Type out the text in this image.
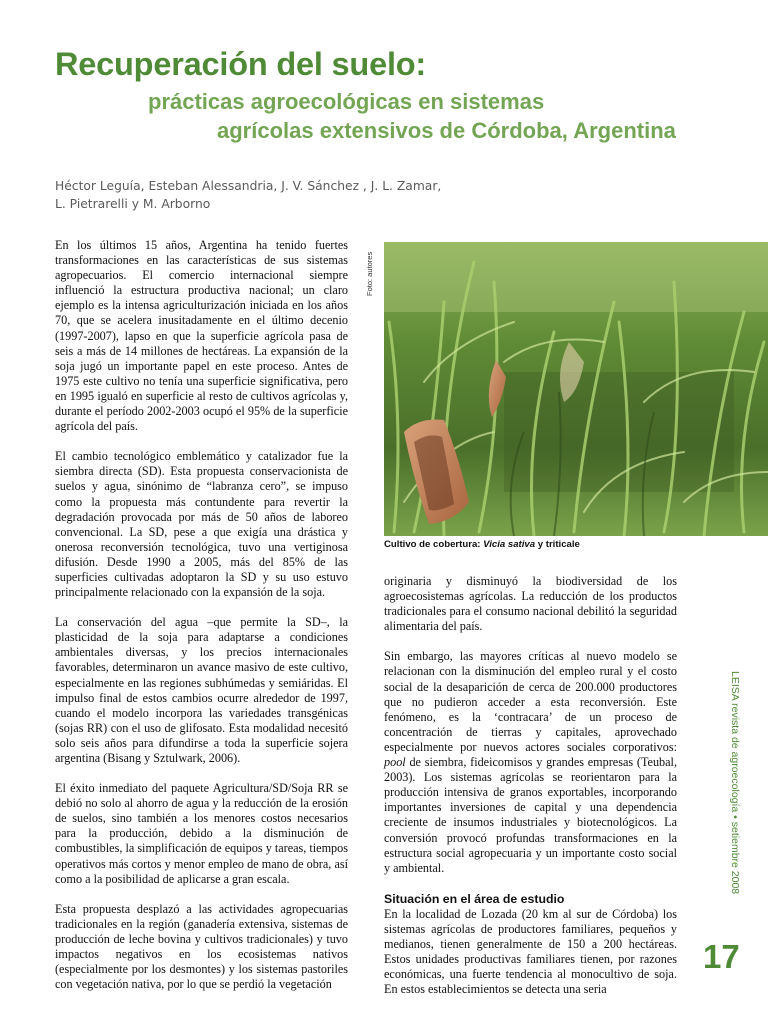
Recuperación del suelo:
prácticas agroecológicas en sistemas
agrícolas extensivos de Córdoba, Argentina
Héctor Leguía, Esteban Alessandria, J. V. Sánchez , J. L. Zamar,
L. Pietrarelli y M. Arborno

En los últimos 15 años, Argentina ha tenido fuertes transformaciones en las características de sus sistemas agropecuarios. El comercio internacional siempre influenció la estructura productiva nacional; un claro ejemplo es la intensa agriculturización iniciada en los años 70, que se acelera inusitadamente en el último decenio (1997-2007), lapso en que la superficie agrícola pasa de seis a más de 14 millones de hectáreas. La expansión de la soja jugó un importante papel en este proceso. Antes de 1975 este cultivo no tenía una superficie significativa, pero en 1995 igualó en superficie al resto de cultivos agrícolas y, durante el período 2002-2003 ocupó el 95% de la superficie agrícola del país.

El cambio tecnológico emblemático y catalizador fue la siembra directa (SD). Esta propuesta conservacionista de suelos y agua, sinónimo de “labranza cero”, se impuso como la propuesta más contundente para revertir la degradación provocada por más de 50 años de laboreo convencional. La SD, pese a que exigía una drástica y onerosa reconversión tecnológica, tuvo una vertiginosa difusión. Desde 1990 a 2005, más del 85% de las superficies cultivadas adoptaron la SD y su uso estuvo principalmente relacionado con la expansión de la soja.

La conservación del agua –que permite la SD–, la plasticidad de la soja para adaptarse a condiciones ambientales diversas, y los precios internacionales favorables, determinaron un avance masivo de este cultivo, especialmente en las regiones subhúmedas y semiáridas. El impulso final de estos cambios ocurre alrededor de 1997, cuando el modelo incorpora las variedades transgénicas (sojas RR) con el uso de glifosato. Esta modalidad necesitó solo seis años para difundirse a toda la superficie sojera argentina (Bisang y Sztulwark, 2006).

El éxito inmediato del paquete Agricultura/SD/Soja RR se debió no solo al ahorro de agua y la reducción de la erosión de suelos, sino también a los menores costos necesarios para la producción, debido a la disminución de combustibles, la simplificación de equipos y tareas, tiempos operativos más cortos y menor empleo de mano de obra, así como a la posibilidad de aplicarse a gran escala.

Esta propuesta desplazó a las actividades agropecuarias tradicionales en la región (ganadería extensiva, sistemas de producción de leche bovina y cultivos tradicionales) y tuvo impactos negativos en los ecosistemas nativos (especialmente por los desmontes) y los sistemas pastoriles con vegetación nativa, por lo que se perdió la vegetación

Foto: autores

Cultivo de cobertura: Vicia sativa y triticale

originaria y disminuyó la biodiversidad de los agroecosistemas agrícolas. La reducción de los productos tradicionales para el consumo nacional debilitó la seguridad alimentaria del país.

Sin embargo, las mayores críticas al nuevo modelo se relacionan con la disminución del empleo rural y el costo social de la desaparición de cerca de 200.000 productores que no pudieron acceder a esta reconversión. Este fenómeno, es la ‘contracara’ de un proceso de concentración de tierras y capitales, aprovechado especialmente por nuevos actores sociales corporativos: pool de siembra, fideicomisos y grandes empresas (Teubal, 2003). Los sistemas agrícolas se reorientaron para la producción intensiva de granos exportables, incorporando importantes inversiones de capital y una dependencia creciente de insumos industriales y biotecnológicos. La conversión provocó profundas transformaciones en la estructura social agropecuaria y un importante costo social y ambiental.

Situación en el área de estudio

En la localidad de Lozada (20 km al sur de Córdoba) los sistemas agrícolas de productores familiares, pequeños y medianos, tienen generalmente de 150 a 200 hectáreas. Estos unidades productivas familiares tienen, por razones económicas, una fuerte tendencia al monocultivo de soja. En estos establecimientos se detecta una seria

LEISA revista de agroecología • setiembre 2008
17
